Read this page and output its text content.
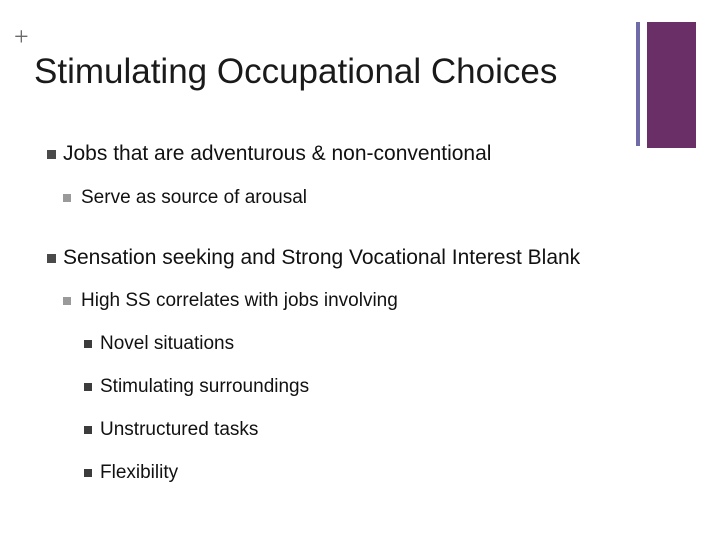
+
Stimulating Occupational Choices
Jobs that are adventurous & non-conventional
Serve as source of arousal
Sensation seeking and Strong Vocational Interest Blank
High SS correlates with jobs involving
Novel situations
Stimulating surroundings
Unstructured tasks
Flexibility
